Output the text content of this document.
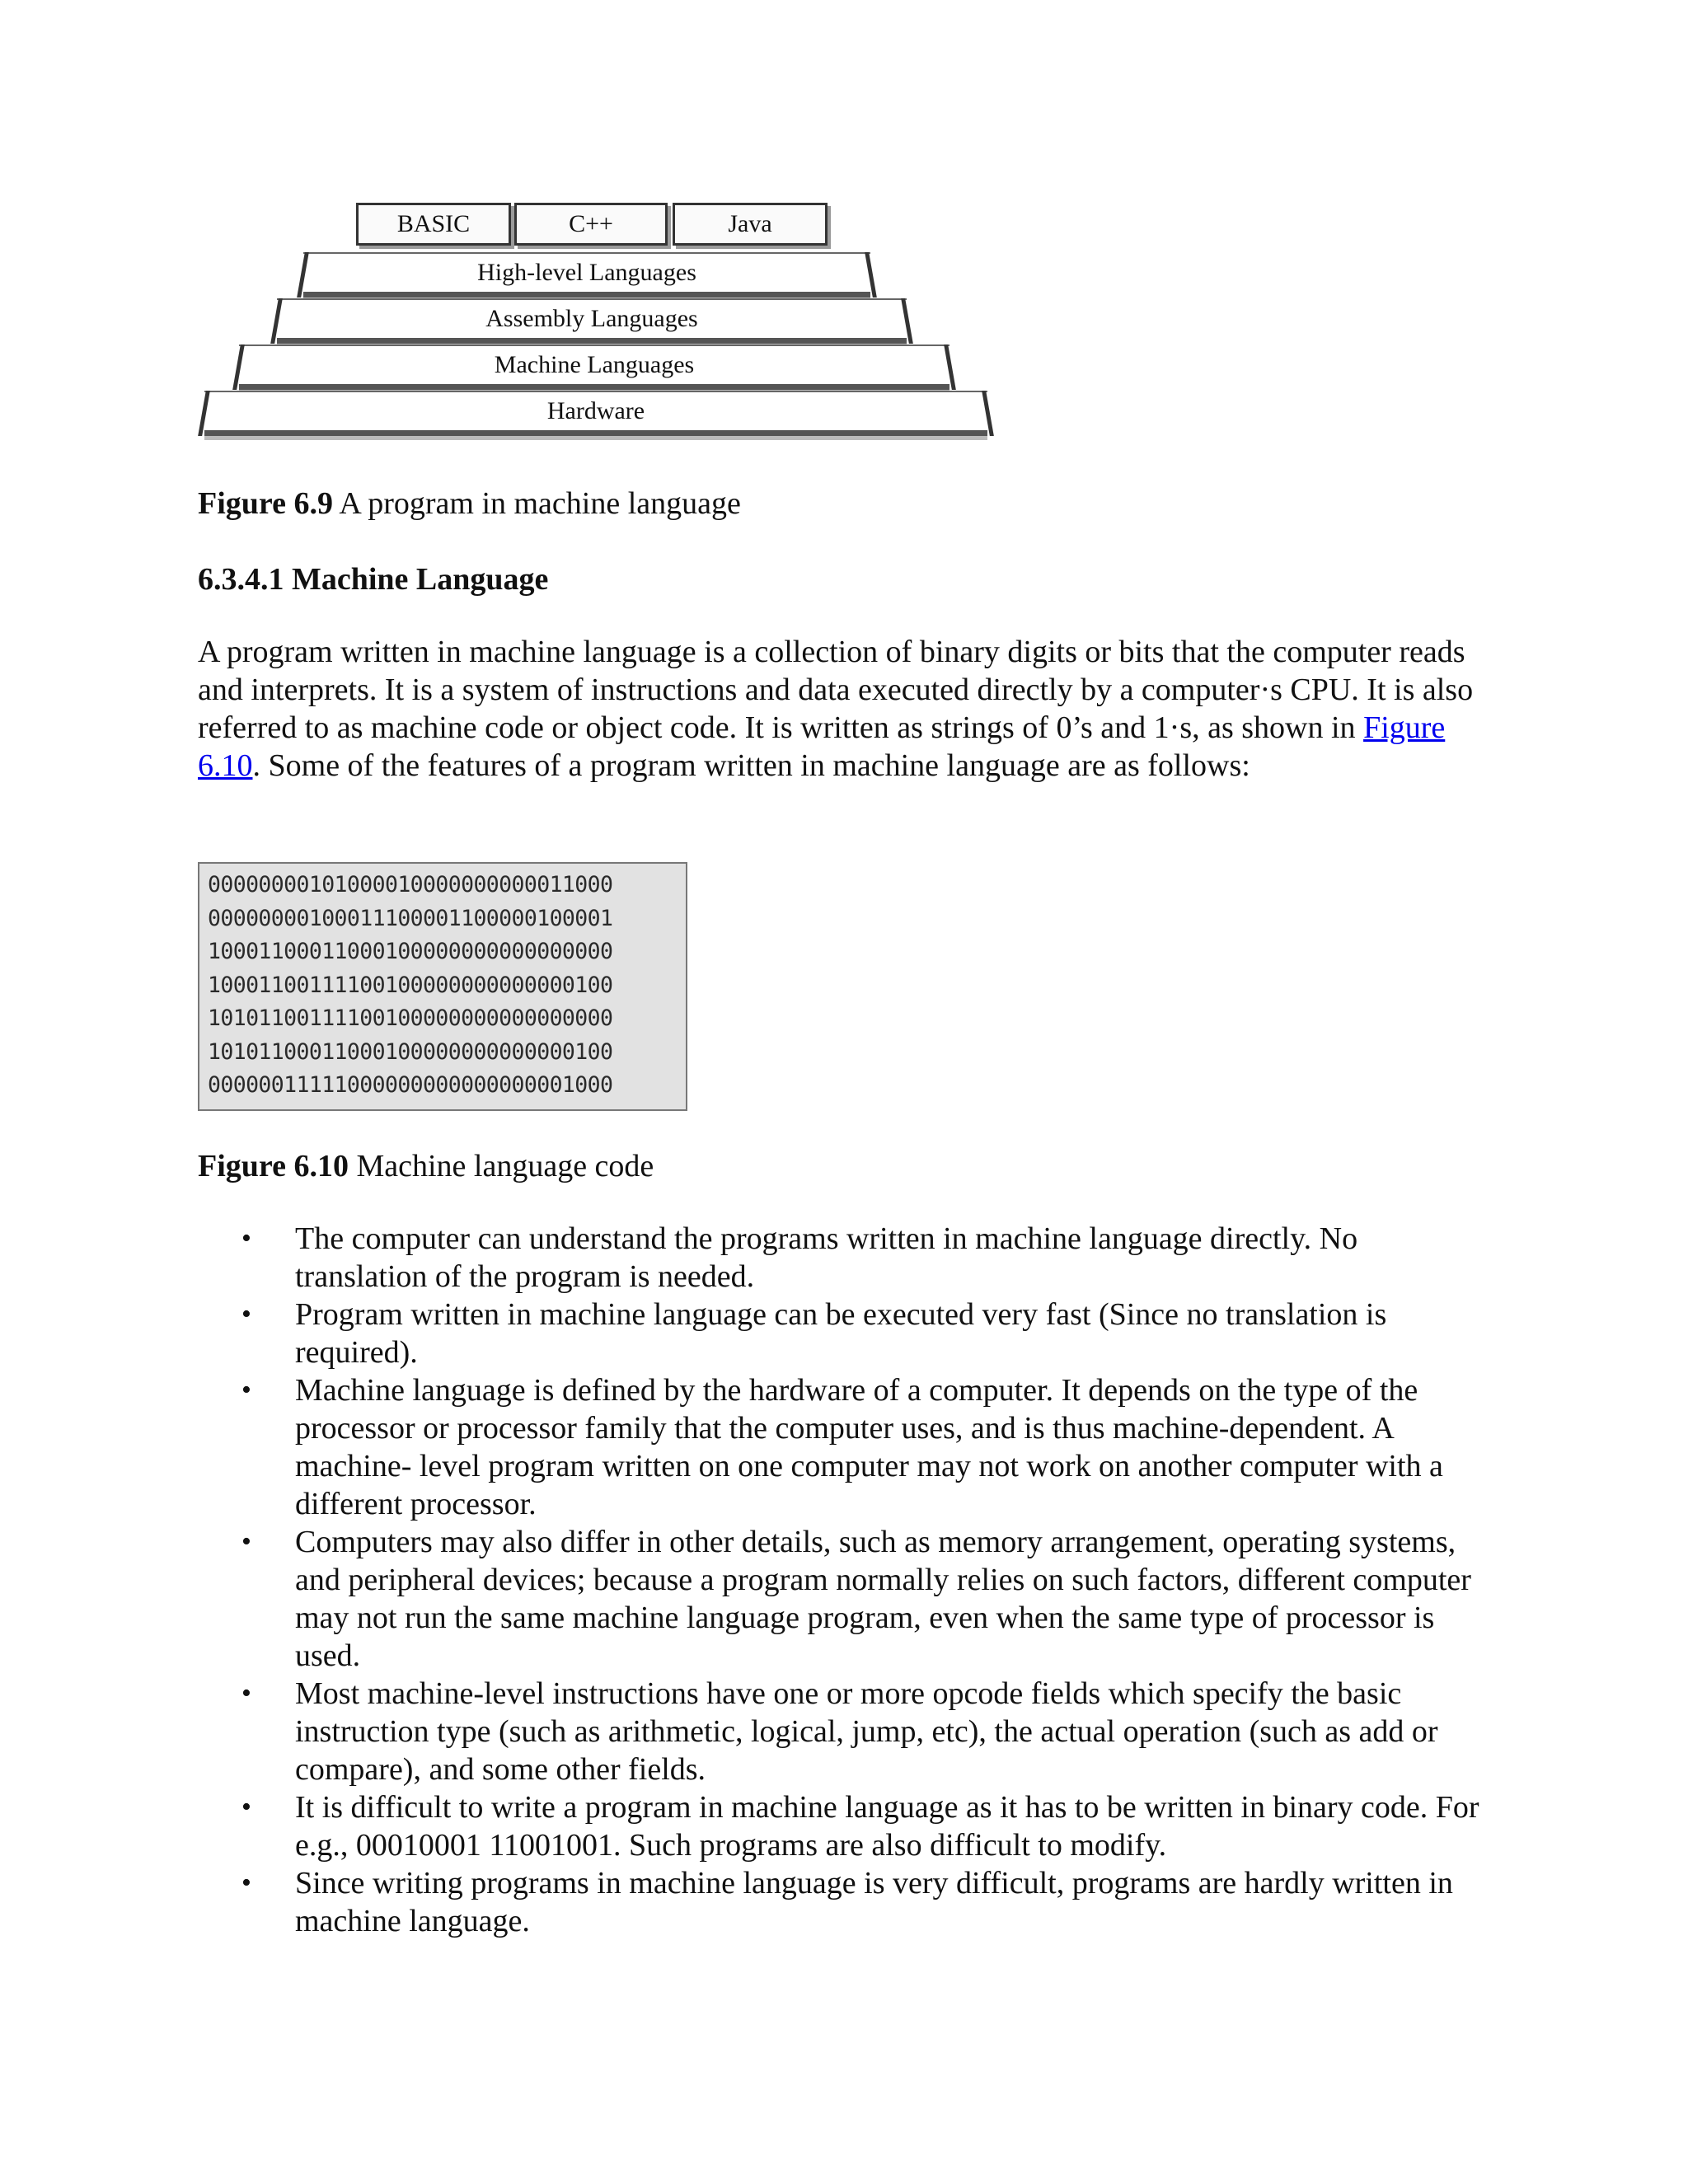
BASIC	C++	Java
High-level Languages
Assembly Languages
Machine Languages
Hardware
Figure 6.9 A program in machine language
6.3.4.1 Machine Language

A program written in machine language is a collection of binary digits or bits that the computer reads and interprets. It is a system of instructions and data executed directly by a computer·s CPU. It is also referred to as machine code or object code. It is written as strings of 0’s and 1·s, as shown in Figure 6.10. Some of the features of a program written in machine language are as follows:

00000000101000010000000000011000
00000000100011100001100000100001
10001100011000100000000000000000
10001100111100100000000000000100
10101100111100100000000000000000
10101100011000100000000000000100
00000011111000000000000000001000
Figure 6.10 Machine language code
• The computer can understand the programs written in machine language directly. No translation of the program is needed.
• Program written in machine language can be executed very fast (Since no translation is required).
• Machine language is defined by the hardware of a computer. It depends on the type of the processor or processor family that the computer uses, and is thus machine-dependent. A machine- level program written on one computer may not work on another computer with a different processor.
• Computers may also differ in other details, such as memory arrangement, operating systems, and peripheral devices; because a program normally relies on such factors, different computer may not run the same machine language program, even when the same type of processor is used.
• Most machine-level instructions have one or more opcode fields which specify the basic instruction type (such as arithmetic, logical, jump, etc), the actual operation (such as add or compare), and some other fields.
• It is difficult to write a program in machine language as it has to be written in binary code. For e.g., 00010001 11001001. Such programs are also difficult to modify.
• Since writing programs in machine language is very difficult, programs are hardly written in machine language.
